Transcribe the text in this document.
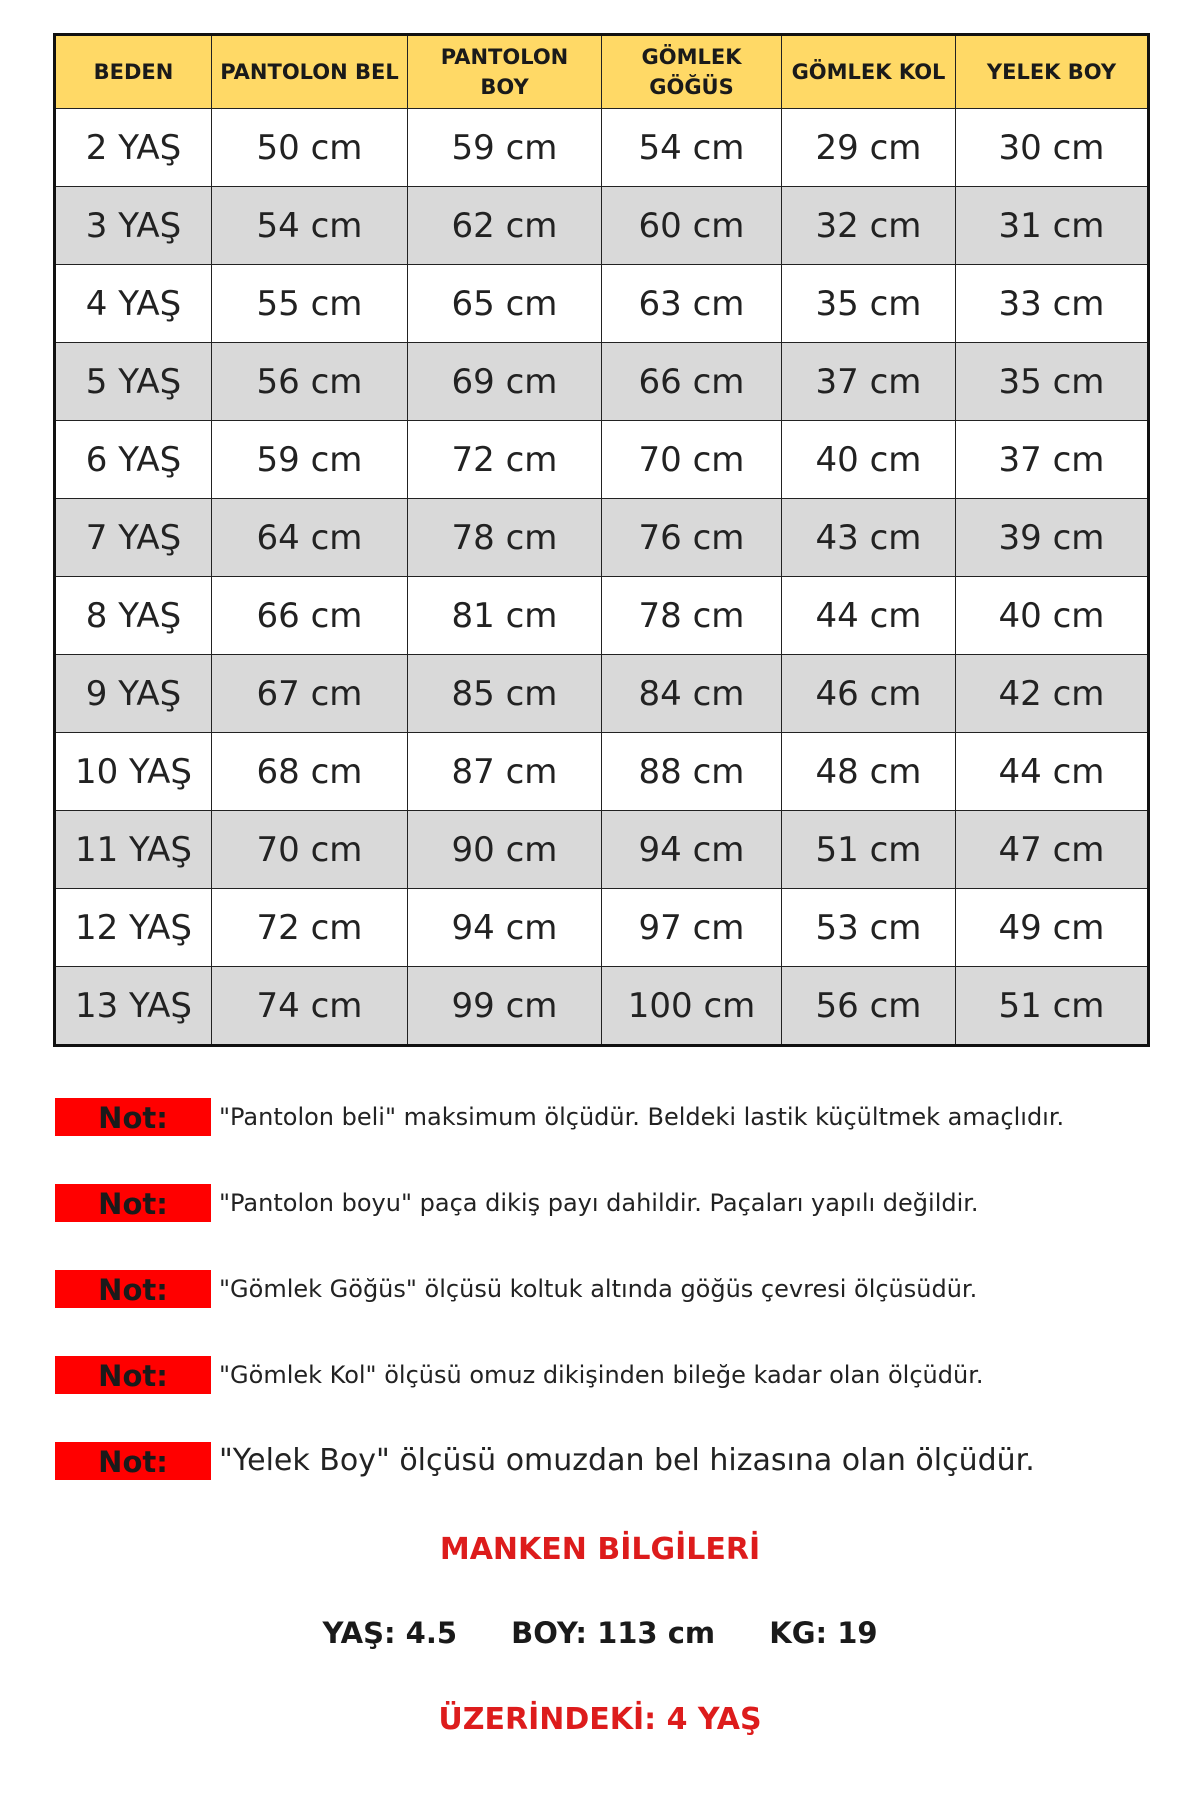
BEDEN	PANTOLON BEL	PANTOLON BOY	GÖMLEK GÖĞÜS	GÖMLEK KOL	YELEK BOY
2 YAŞ	50 cm	59 cm	54 cm	29 cm	30 cm
3 YAŞ	54 cm	62 cm	60 cm	32 cm	31 cm
4 YAŞ	55 cm	65 cm	63 cm	35 cm	33 cm
5 YAŞ	56 cm	69 cm	66 cm	37 cm	35 cm
6 YAŞ	59 cm	72 cm	70 cm	40 cm	37 cm
7 YAŞ	64 cm	78 cm	76 cm	43 cm	39 cm
8 YAŞ	66 cm	81 cm	78 cm	44 cm	40 cm
9 YAŞ	67 cm	85 cm	84 cm	46 cm	42 cm
10 YAŞ	68 cm	87 cm	88 cm	48 cm	44 cm
11 YAŞ	70 cm	90 cm	94 cm	51 cm	47 cm
12 YAŞ	72 cm	94 cm	97 cm	53 cm	49 cm
13 YAŞ	74 cm	99 cm	100 cm	56 cm	51 cm
Not:	"Pantolon beli" maksimum ölçüdür. Beldeki lastik küçültmek amaçlıdır.
Not:	"Pantolon boyu" paça dikiş payı dahildir. Paçaları yapılı değildir.
Not:	"Gömlek Göğüs" ölçüsü koltuk altında göğüs çevresi ölçüsüdür.
Not:	"Gömlek Kol" ölçüsü omuz dikişinden bileğe kadar olan ölçüdür.
Not:	"Yelek Boy" ölçüsü omuzdan bel hizasına olan ölçüdür.
MANKEN BİLGİLERİ
YAŞ: 4.5 BOY: 113 cm KG: 19
ÜZERİNDEKİ: 4 YAŞ
